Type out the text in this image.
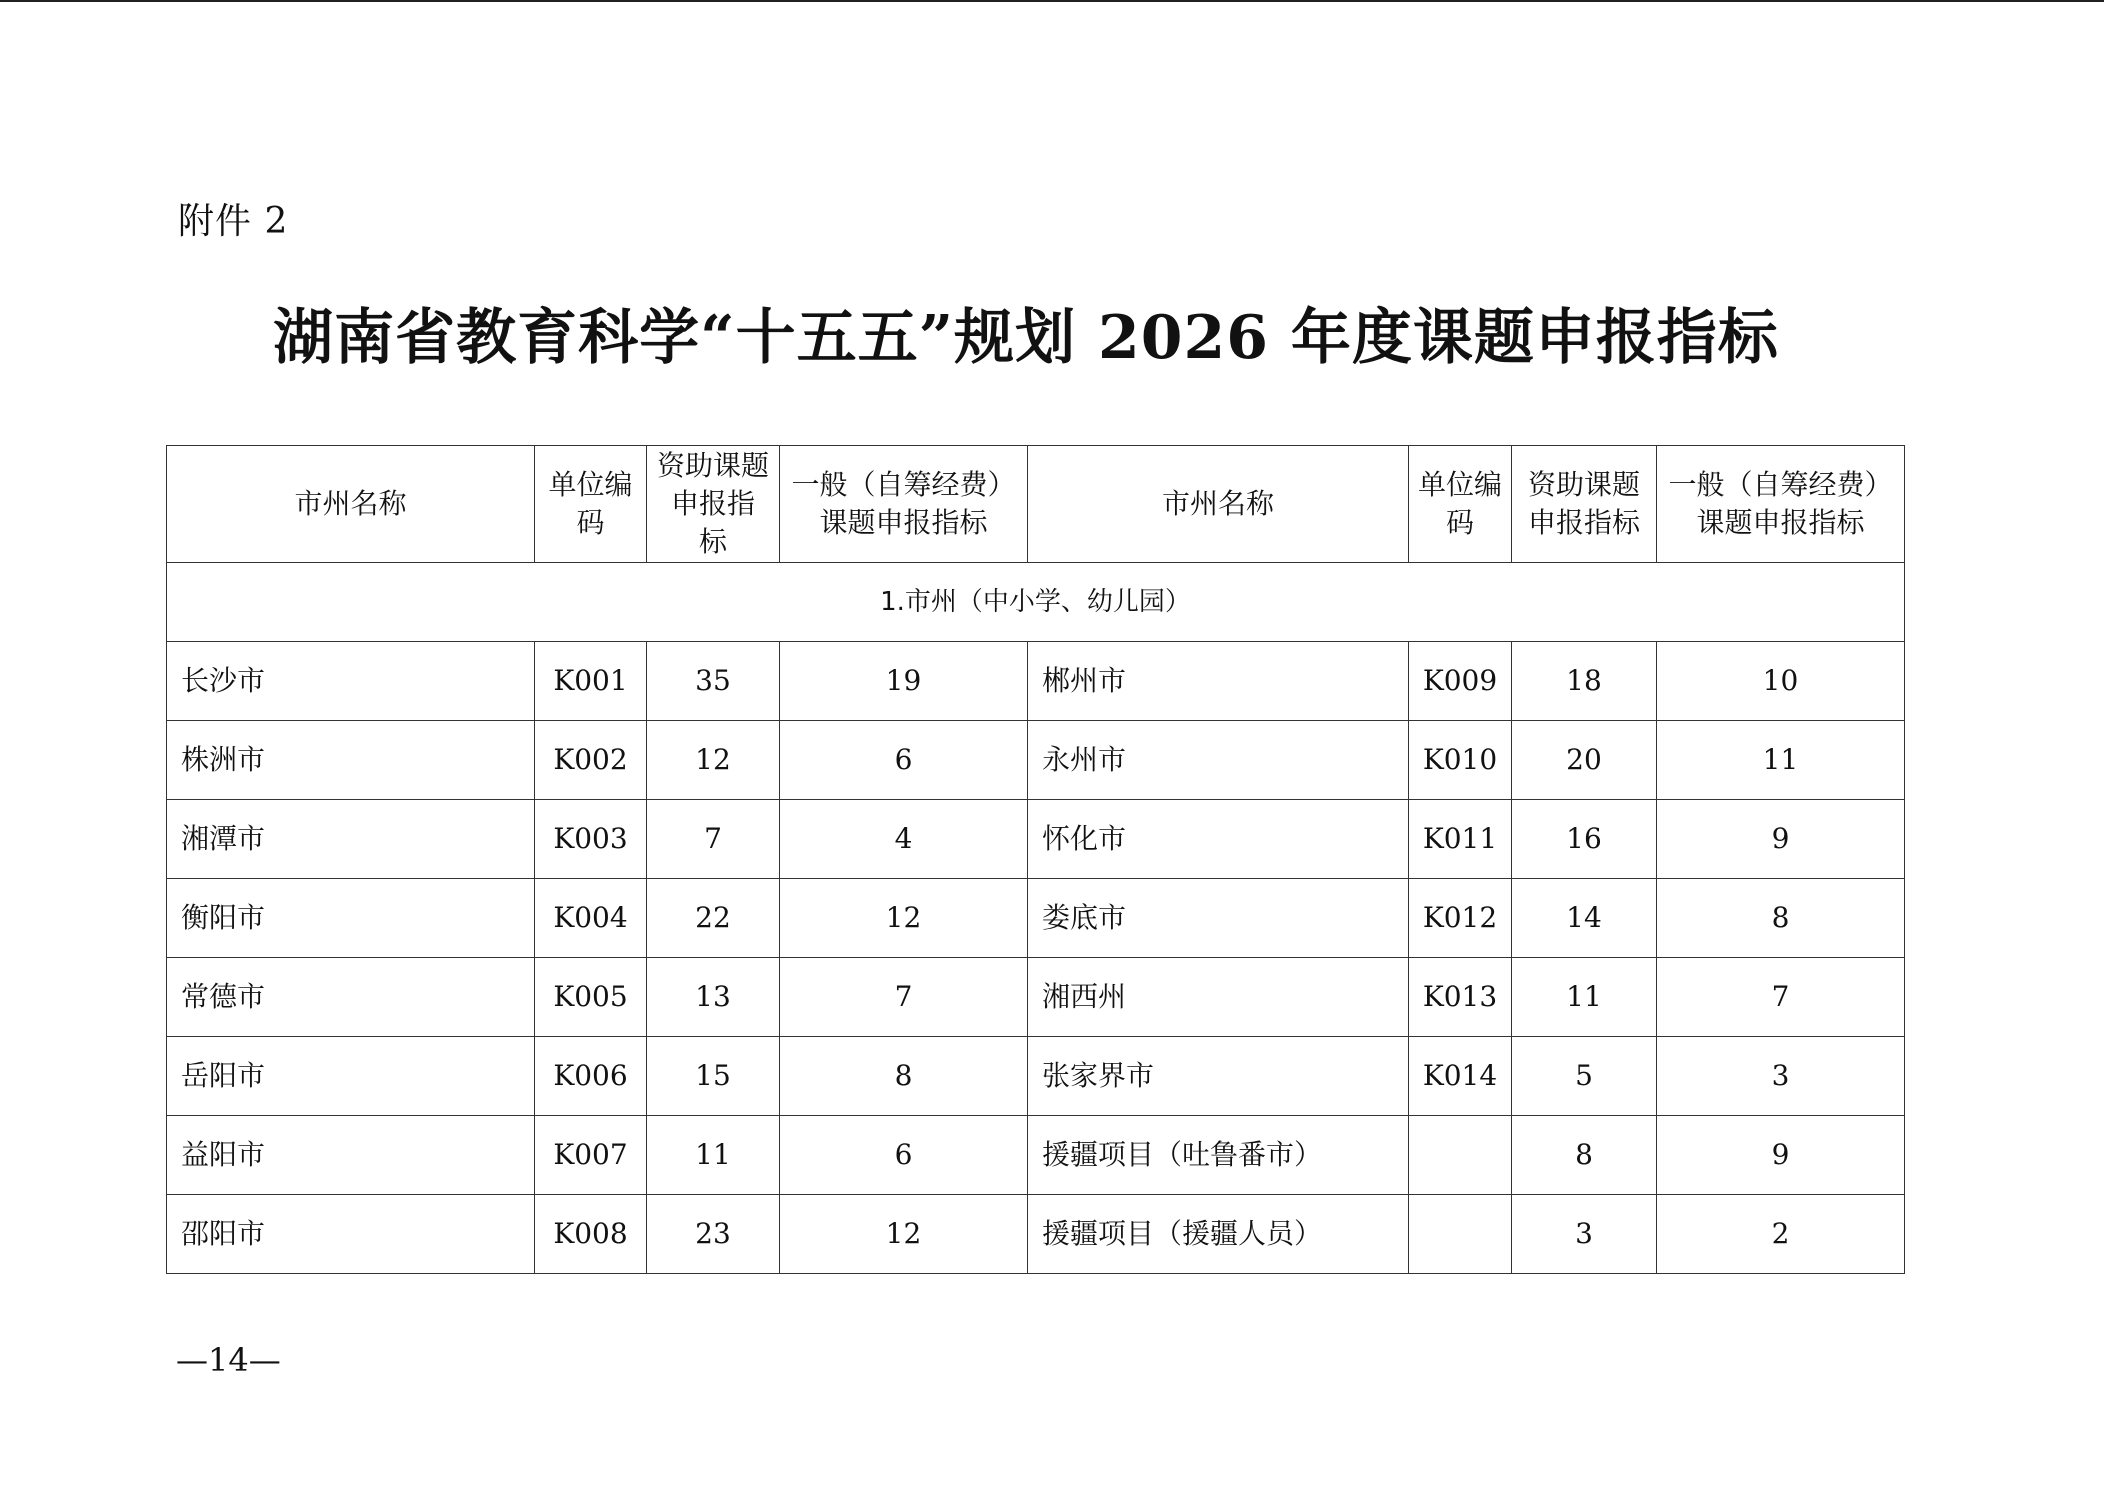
附件 2
湖南省教育科学“十五五”规划 2026 年度课题申报指标
市州名称	单位编码	资助课题申报指 标	一般（自筹经费）课题申报指标	市州名称	单位编码	资助课题申报指标	一般（自筹经费）课题申报指标
1.市州（中小学、幼儿园）							
长沙市	K001	35	19	郴州市	K009	18	10
株洲市	K002	12	6	永州市	K010	20	11
湘潭市	K003	7	4	怀化市	K011	16	9
衡阳市	K004	22	12	娄底市	K012	14	8
常德市	K005	13	7	湘西州	K013	11	7
岳阳市	K006	15	8	张家界市	K014	5	3
益阳市	K007	11	6	援疆项目（吐鲁番市）		8	9
邵阳市	K008	23	12	援疆项目（援疆人员）		3	2
—14—
